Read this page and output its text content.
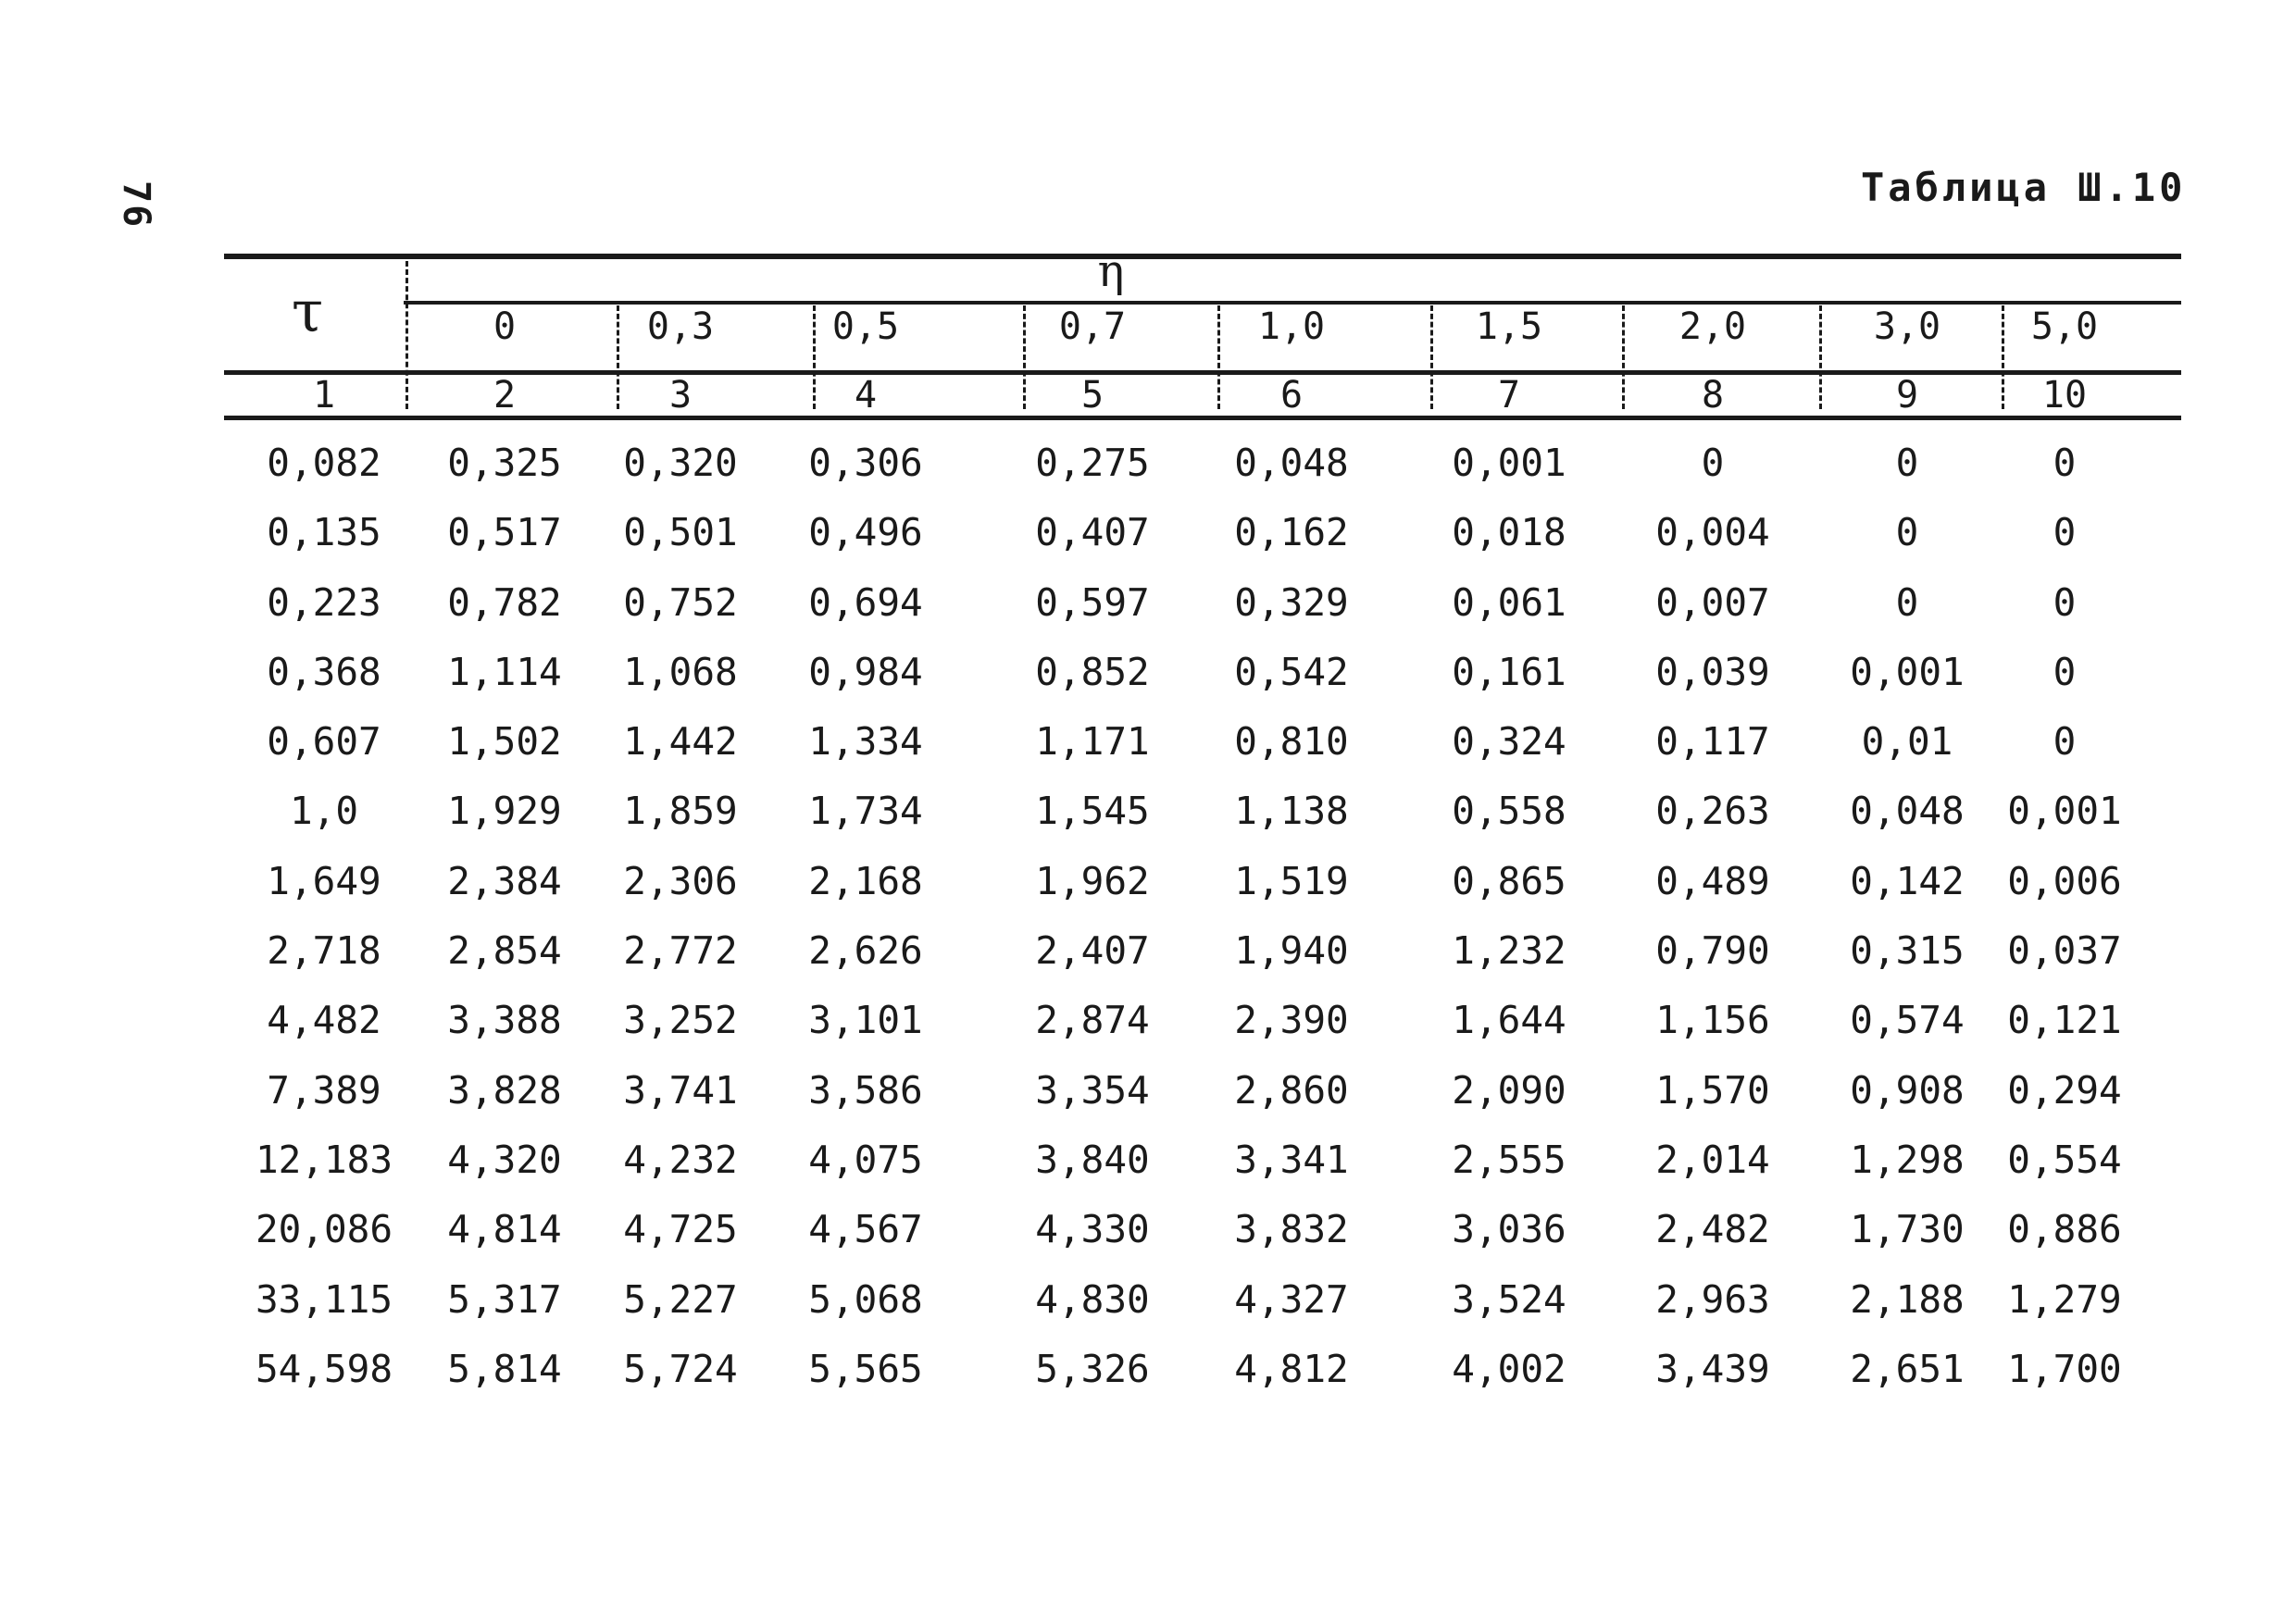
76	Таблица Ш.10
τ
η
0	0,3	0,5	0,7	1,0	1,5	2,0	3,0	5,0
1	2	3	4	5	6	7	8	9	10
0,082	0,325	0,320	0,306	0,275	0,048	0,001	0	0	0
0,135	0,517	0,501	0,496	0,407	0,162	0,018	0,004	0	0
0,223	0,782	0,752	0,694	0,597	0,329	0,061	0,007	0	0
0,368	1,114	1,068	0,984	0,852	0,542	0,161	0,039	0,001	0
0,607	1,502	1,442	1,334	1,171	0,810	0,324	0,117	0,01	0
1,0	1,929	1,859	1,734	1,545	1,138	0,558	0,263	0,048	0,001
1,649	2,384	2,306	2,168	1,962	1,519	0,865	0,489	0,142	0,006
2,718	2,854	2,772	2,626	2,407	1,940	1,232	0,790	0,315	0,037
4,482	3,388	3,252	3,101	2,874	2,390	1,644	1,156	0,574	0,121
7,389	3,828	3,741	3,586	3,354	2,860	2,090	1,570	0,908	0,294
12,183	4,320	4,232	4,075	3,840	3,341	2,555	2,014	1,298	0,554
20,086	4,814	4,725	4,567	4,330	3,832	3,036	2,482	1,730	0,886
33,115	5,317	5,227	5,068	4,830	4,327	3,524	2,963	2,188	1,279
54,598	5,814	5,724	5,565	5,326	4,812	4,002	3,439	2,651	1,700
